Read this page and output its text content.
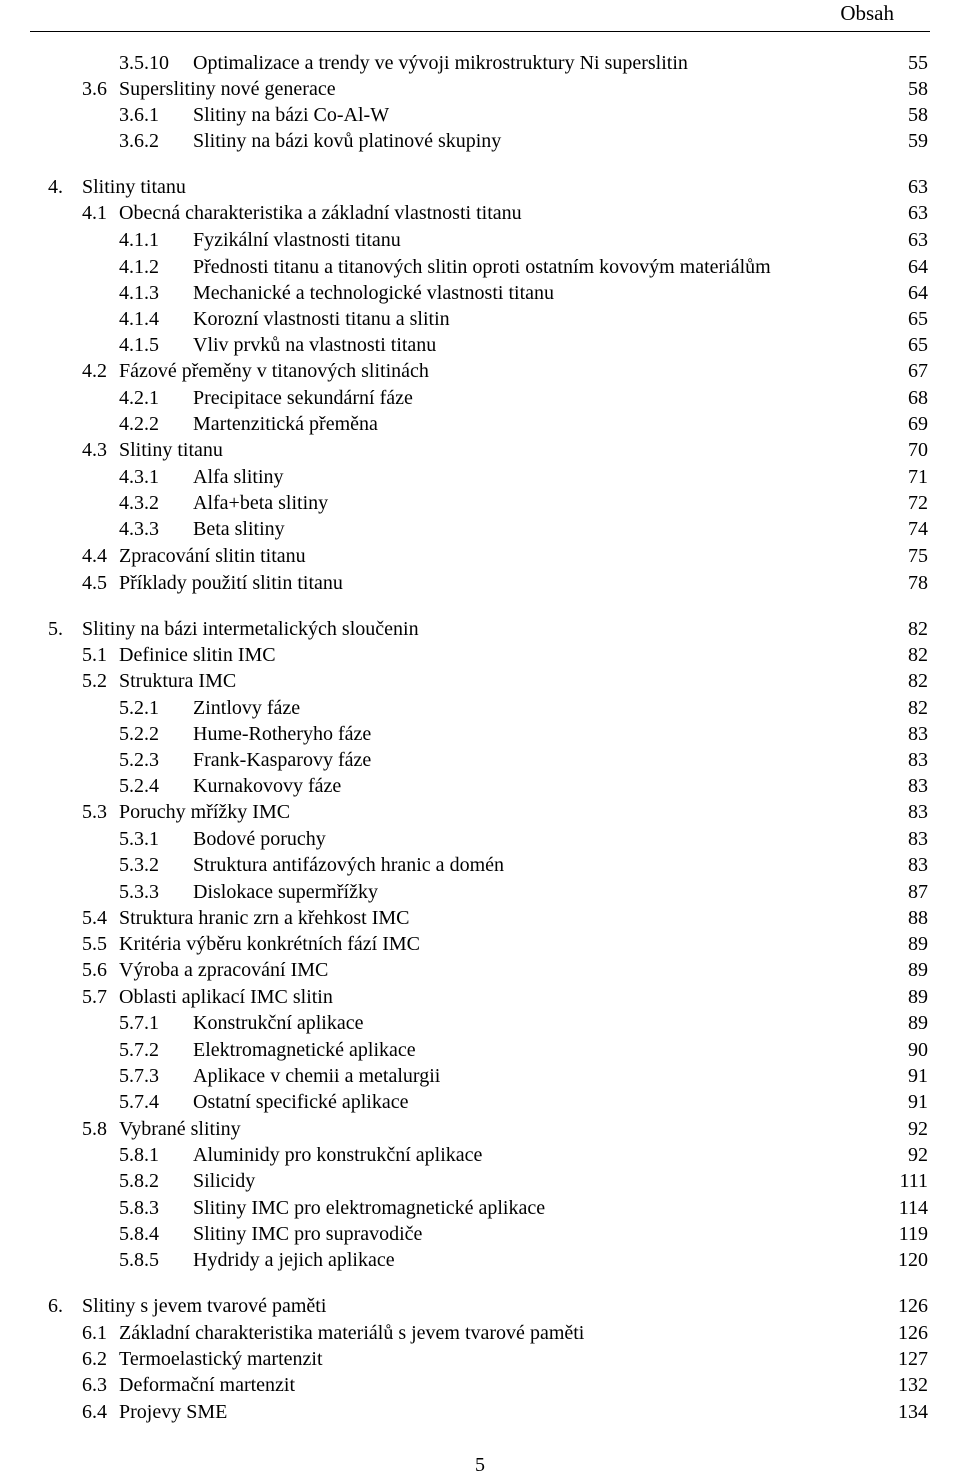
Obsah
3.5.10 Optimalizace a trendy ve vývoji mikrostruktury Ni superslitin	55
3.6 Superslitiny nové generace	58
3.6.1 Slitiny na bázi Co-Al-W	58
3.6.2 Slitiny na bázi kovů platinové skupiny	59
4. Slitiny titanu	63
4.1 Obecná charakteristika a základní vlastnosti titanu	63
4.1.1 Fyzikální vlastnosti titanu	63
4.1.2 Přednosti titanu a titanových slitin oproti ostatním kovovým materiálům	64
4.1.3 Mechanické a technologické vlastnosti titanu	64
4.1.4 Korozní vlastnosti titanu a slitin	65
4.1.5 Vliv prvků na vlastnosti titanu	65
4.2 Fázové přeměny v titanových slitinách	67
4.2.1 Precipitace sekundární fáze	68
4.2.2 Martenzitická přeměna	69
4.3 Slitiny titanu	70
4.3.1 Alfa slitiny	71
4.3.2 Alfa+beta slitiny	72
4.3.3 Beta slitiny	74
4.4 Zpracování slitin titanu	75
4.5 Příklady použití slitin titanu	78
5. Slitiny na bázi intermetalických sloučenin	82
5.1 Definice slitin IMC	82
5.2 Struktura IMC	82
5.2.1 Zintlovy fáze	82
5.2.2 Hume-Rotheryho fáze	83
5.2.3 Frank-Kasparovy fáze	83
5.2.4 Kurnakovovy fáze	83
5.3 Poruchy mřížky IMC	83
5.3.1 Bodové poruchy	83
5.3.2 Struktura antifázových hranic a domén	83
5.3.3 Dislokace supermřížky	87
5.4 Struktura hranic zrn a křehkost IMC	88
5.5 Kritéria výběru konkrétních fází IMC	89
5.6 Výroba a zpracování IMC	89
5.7 Oblasti aplikací IMC slitin	89
5.7.1 Konstrukční aplikace	89
5.7.2 Elektromagnetické aplikace	90
5.7.3 Aplikace v chemii a metalurgii	91
5.7.4 Ostatní specifické aplikace	91
5.8 Vybrané slitiny	92
5.8.1 Aluminidy pro konstrukční aplikace	92
5.8.2 Silicidy	111
5.8.3 Slitiny IMC pro elektromagnetické aplikace	114
5.8.4 Slitiny IMC pro supravodiče	119
5.8.5 Hydridy a jejich aplikace	120
6. Slitiny s jevem tvarové paměti	126
6.1 Základní charakteristika materiálů s jevem tvarové paměti	126
6.2 Termoelastický martenzit	127
6.3 Deformační martenzit	132
6.4 Projevy SME	134
5
